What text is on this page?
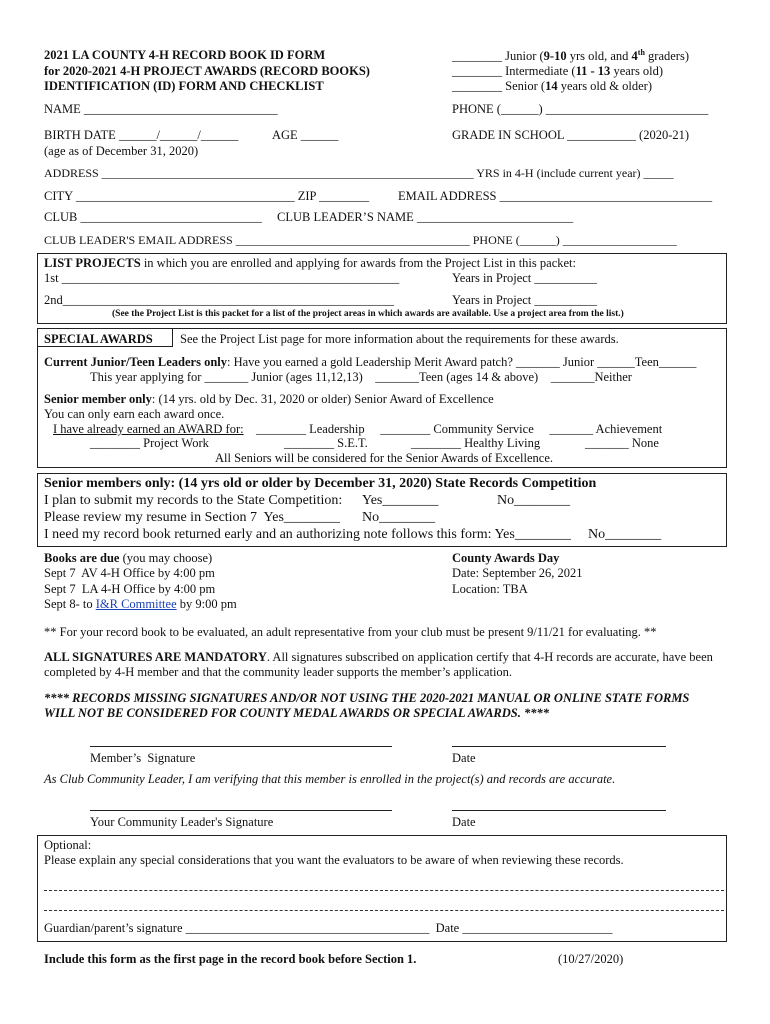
2021 LA COUNTY 4-H RECORD BOOK ID FORM
for 2020-2021 4-H PROJECT AWARDS (RECORD BOOKS)
IDENTIFICATION (ID) FORM AND CHECKLIST
________ Junior (9-10 yrs old, and 4th graders)
________ Intermediate (11 - 13 years old)
________ Senior (14 years old & older)
NAME _______________________________	PHONE (______) __________________________
BIRTH DATE ______/______/______	AGE ______	GRADE IN SCHOOL ___________ (2020-21)
(age as of December 31, 2020)
ADDRESS ______________________________________________________________ YRS in 4-H (include current year) _____
CITY ___________________________________ ZIP ________ EMAIL ADDRESS __________________________________
CLUB _____________________________ CLUB LEADER’S NAME _________________________
CLUB LEADER'S EMAIL ADDRESS _______________________________________ PHONE (______) ___________________
LIST PROJECTS in which you are enrolled and applying for awards from the Project List in this packet:
1st ______________________________________________________	Years in Project __________
2nd_____________________________________________________	Years in Project __________
(See the Project List is this packet for a list of the project areas in which awards are available. Use a project area from the list.)
SPECIAL AWARDS See the Project List page for more information about the requirements for these awards.
Current Junior/Teen Leaders only: Have you earned a gold Leadership Merit Award patch? _______ Junior ______Teen______
This year applying for _______ Junior (ages 11,12,13)    _______Teen (ages 14 & above)    _______Neither
Senior member only: (14 yrs. old by Dec. 31, 2020 or older) Senior Award of Excellence
You can only earn each award once.
I have already earned an AWARD for: ________ Leadership     ________ Community Service     _______ Achievement
________ Project Work	________ S.E.T.	________ Healthy Living	_______ None
All Seniors will be considered for the Senior Awards of Excellence.
Senior members only: (14 yrs old or older by December 31, 2020) State Records Competition
I plan to submit my records to the State Competition: Yes________	No________
Please review my resume in Section 7  Yes________ No________
I need my record book returned early and an authorizing note follows this form: Yes________ No________
Books are due (you may choose)
Sept 7  AV 4-H Office by 4:00 pm
Sept 7  LA 4-H Office by 4:00 pm
Sept 8- to I&R Committee by 9:00 pm
County Awards Day
Date: September 26, 2021
Location: TBA
** For your record book to be evaluated, an adult representative from your club must be present 9/11/21 for evaluating. **
ALL SIGNATURES ARE MANDATORY. All signatures subscribed on application certify that 4-H records are accurate, have been
completed by 4-H member and that the community leader supports the member’s application.
**** RECORDS MISSING SIGNATURES AND/OR NOT USING THE 2020-2021 MANUAL OR ONLINE STATE FORMS
WILL NOT BE CONSIDERED FOR COUNTY MEDAL AWARDS OR SPECIAL AWARDS. ****
Member’s  Signature	Date
As Club Community Leader, I am verifying that this member is enrolled in the project(s) and records are accurate.
Your Community Leader's Signature	Date
Optional:
Please explain any special considerations that you want the evaluators to be aware of when reviewing these records.
Guardian/parent’s signature _______________________________________  Date ________________________
Include this form as the first page in the record book before Section 1.	(10/27/2020)
